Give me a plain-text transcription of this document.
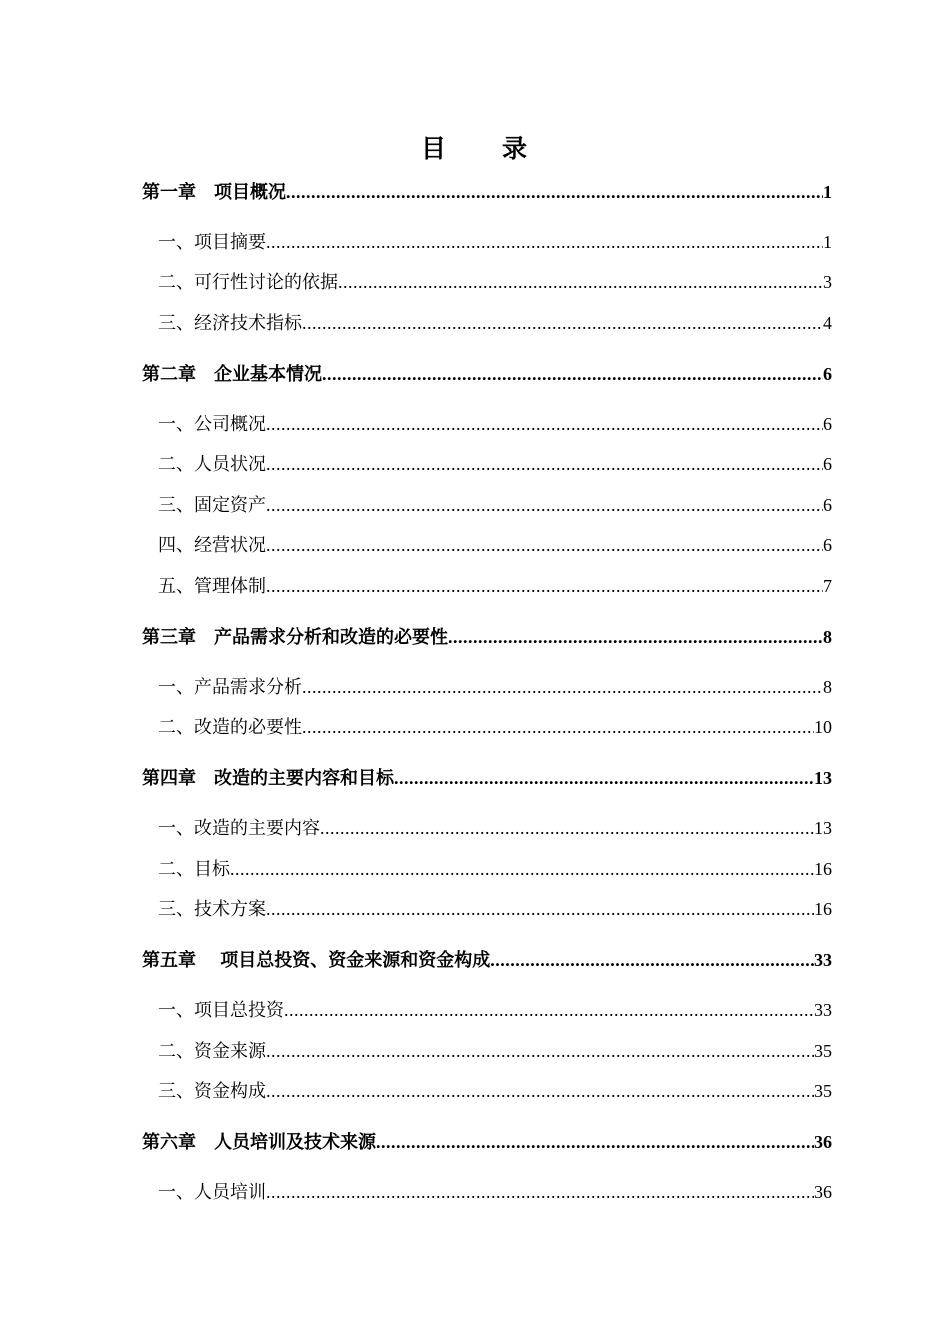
目　　录
第一章　项目概况 .....	1
一、项目摘要 .....	1
二、可行性讨论的依据 .....	3
三、经济技术指标 .....	4
第二章　企业基本情况 .....	6
一、公司概况 .....	6
二、人员状况 .....	6
三、固定资产 .....	6
四、经营状况 .....	6
五、管理体制 .....	7
第三章　产品需求分析和改造的必要性 .....	8
一、产品需求分析 .....	8
二、改造的必要性 .....	10
第四章　改造的主要内容和目标 .....	13
一、改造的主要内容 .....	13
二、目标 .....	16
三、技术方案 .....	16
第五章　 项目总投资、资金来源和资金构成 .....	33
一、项目总投资 .....	33
二、资金来源 .....	35
三、资金构成 .....	35
第六章　人员培训及技术来源 .....	36
一、人员培训 .....	36
